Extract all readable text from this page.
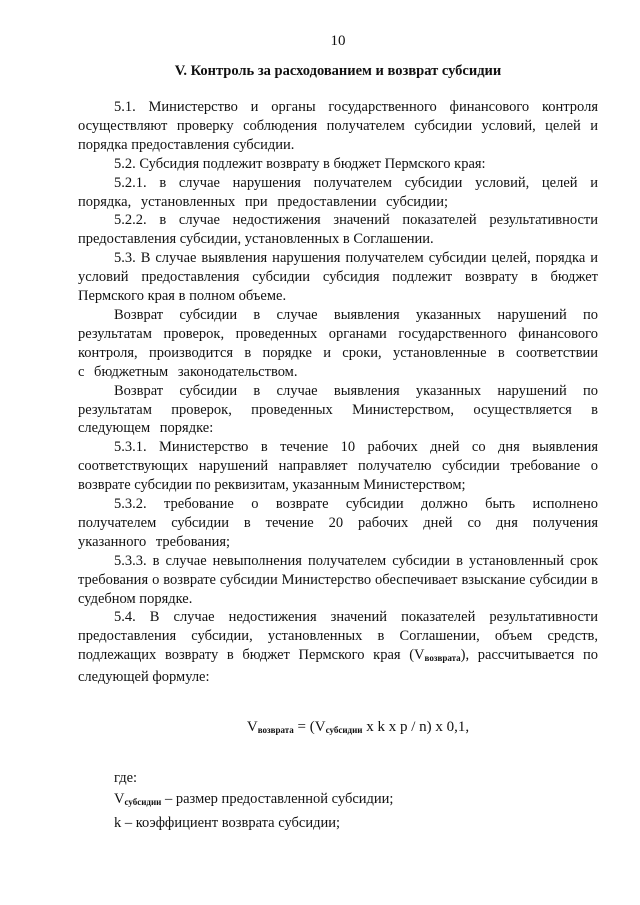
10
V. Контроль за расходованием и возврат субсидии

5.1. Министерство и органы государственного финансового контроля осуществляют проверку соблюдения получателем субсидии условий, целей и порядка предоставления субсидии.

5.2. Субсидия подлежит возврату в бюджет Пермского края:

5.2.1. в случае нарушения получателем субсидии условий, целей и порядка, установленных при предоставлении субсидии;

5.2.2. в случае недостижения значений показателей результативности предоставления субсидии, установленных в Соглашении.

5.3. В случае выявления нарушения получателем субсидии целей, порядка и условий предоставления субсидии субсидия подлежит возврату в бюджет Пермского края в полном объеме.

Возврат субсидии в случае выявления указанных нарушений по результатам проверок, проведенных органами государственного финансового контроля, производится в порядке и сроки, установленные в соответствии с бюджетным законодательством.

Возврат субсидии в случае выявления указанных нарушений по результатам проверок, проведенных Министерством, осуществляется в следующем порядке:

5.3.1. Министерство в течение 10 рабочих дней со дня выявления соответствующих нарушений направляет получателю субсидии требование о возврате субсидии по реквизитам, указанным Министерством;

5.3.2. требование о возврате субсидии должно быть исполнено получателем субсидии в течение 20 рабочих дней со дня получения указанного требования;

5.3.3. в случае невыполнения получателем субсидии в установленный срок требования о возврате субсидии Министерство обеспечивает взыскание субсидии в судебном порядке.

5.4. В случае недостижения значений показателей результативности предоставления субсидии, установленных в Соглашении, объем средств, подлежащих возврату в бюджет Пермского края $(V_{возврата})$, рассчитывается по следующей формуле:

$V_{возврата} = (V_{субсидии}$ x k x p / n) x 0,1,

где:

$V_{субсидии}$ – размер предоставленной субсидии;

k – коэффициент возврата субсидии;
